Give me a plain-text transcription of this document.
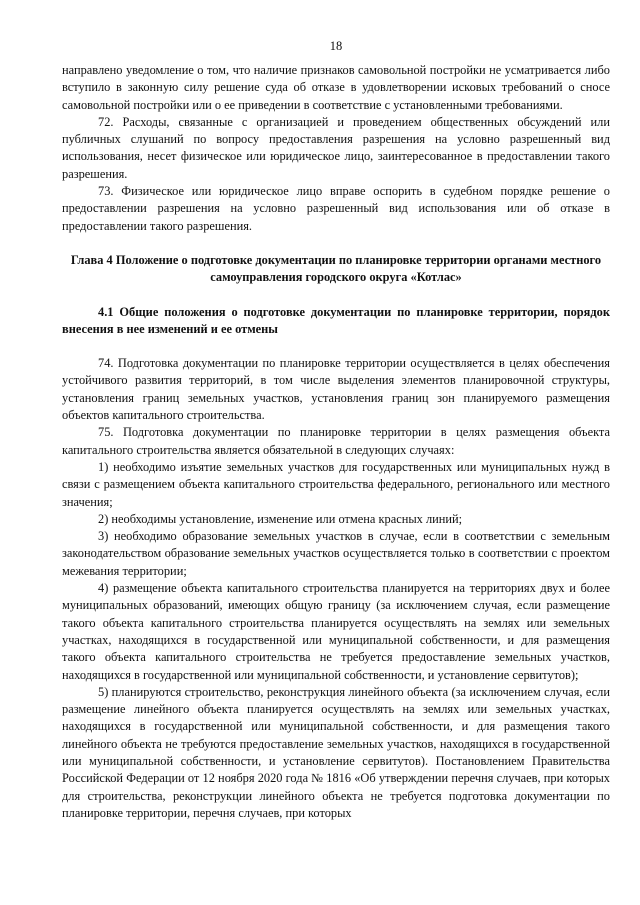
18

направлено уведомление о том, что наличие признаков самовольной постройки не усматривается либо вступило в законную силу решение суда об отказе в удовлетворении исковых требований о сносе самовольной постройки или о ее приведении в соответствие с установленными требованиями.

72. Расходы, связанные с организацией и проведением общественных обсуждений или публичных слушаний по вопросу предоставления разрешения на условно разрешенный вид использования, несет физическое или юридическое лицо, заинтересованное в предоставлении такого разрешения.

73. Физическое или юридическое лицо вправе оспорить в судебном порядке решение о предоставлении разрешения на условно разрешенный вид использования или об отказе в предоставлении такого разрешения.

Глава 4 Положение о подготовке документации по планировке территории органами местного самоуправления городского округа «Котлас»

4.1 Общие положения о подготовке документации по планировке территории, порядок внесения в нее изменений и ее отмены

74. Подготовка документации по планировке территории осуществляется в целях обеспечения устойчивого развития территорий, в том числе выделения элементов планировочной структуры, установления границ земельных участков, установления границ зон планируемого размещения объектов капитального строительства.

75. Подготовка документации по планировке территории в целях размещения объекта капитального строительства является обязательной в следующих случаях:

1) необходимо изъятие земельных участков для государственных или муниципальных нужд в связи с размещением объекта капитального строительства федерального, регионального или местного значения;

2) необходимы установление, изменение или отмена красных линий;

3) необходимо образование земельных участков в случае, если в соответствии с земельным законодательством образование земельных участков осуществляется только в соответствии с проектом межевания территории;

4) размещение объекта капитального строительства планируется на территориях двух и более муниципальных образований, имеющих общую границу (за исключением случая, если размещение такого объекта капитального строительства планируется осуществлять на землях или земельных участках, находящихся в государственной или муниципальной собственности, и для размещения такого объекта капитального строительства не требуется предоставление земельных участков, находящихся в государственной или муниципальной собственности, и установление сервитутов);

5) планируются строительство, реконструкция линейного объекта (за исключением случая, если размещение линейного объекта планируется осуществлять на землях или земельных участках, находящихся в государственной или муниципальной собственности, и для размещения такого линейного объекта не требуются предоставление земельных участков, находящихся в государственной или муниципальной собственности, и установление сервитутов). Постановлением Правительства Российской Федерации от 12 ноября 2020 года № 1816 «Об утверждении перечня случаев, при которых для строительства, реконструкции линейного объекта не требуется подготовка документации по планировке территории, перечня случаев, при которых
